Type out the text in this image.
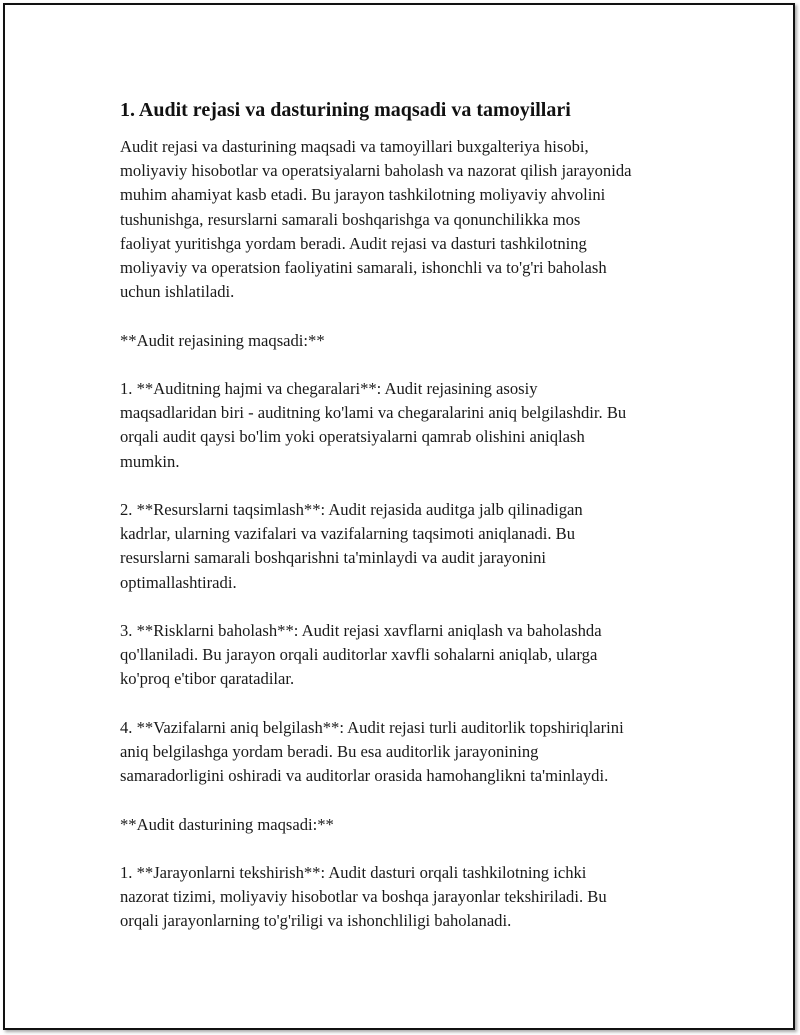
1. Audit rejasi va dasturining maqsadi va tamoyillari

Audit rejasi va dasturining maqsadi va tamoyillari buxgalteriya hisobi,
moliyaviy hisobotlar va operatsiyalarni baholash va nazorat qilish jarayonida
muhim ahamiyat kasb etadi. Bu jarayon tashkilotning moliyaviy ahvolini
tushunishga, resurslarni samarali boshqarishga va qonunchilikka mos
faoliyat yuritishga yordam beradi. Audit rejasi va dasturi tashkilotning
moliyaviy va operatsion faoliyatini samarali, ishonchli va to'g'ri baholash
uchun ishlatiladi.

**Audit rejasining maqsadi:**

1. **Auditning hajmi va chegaralari**: Audit rejasining asosiy
maqsadlaridan biri - auditning ko'lami va chegaralarini aniq belgilashdir. Bu
orqali audit qaysi bo'lim yoki operatsiyalarni qamrab olishini aniqlash
mumkin.

2. **Resurslarni taqsimlash**: Audit rejasida auditga jalb qilinadigan
kadrlar, ularning vazifalari va vazifalarning taqsimoti aniqlanadi. Bu
resurslarni samarali boshqarishni ta'minlaydi va audit jarayonini
optimallashtiradi.

3. **Risklarni baholash**: Audit rejasi xavflarni aniqlash va baholashda
qo'llaniladi. Bu jarayon orqali auditorlar xavfli sohalarni aniqlab, ularga
ko'proq e'tibor qaratadilar.

4. **Vazifalarni aniq belgilash**: Audit rejasi turli auditorlik topshiriqlarini
aniq belgilashga yordam beradi. Bu esa auditorlik jarayonining
samaradorligini oshiradi va auditorlar orasida hamohanglikni ta'minlaydi.

**Audit dasturining maqsadi:**

1. **Jarayonlarni tekshirish**: Audit dasturi orqali tashkilotning ichki
nazorat tizimi, moliyaviy hisobotlar va boshqa jarayonlar tekshiriladi. Bu
orqali jarayonlarning to'g'riligi va ishonchliligi baholanadi.
